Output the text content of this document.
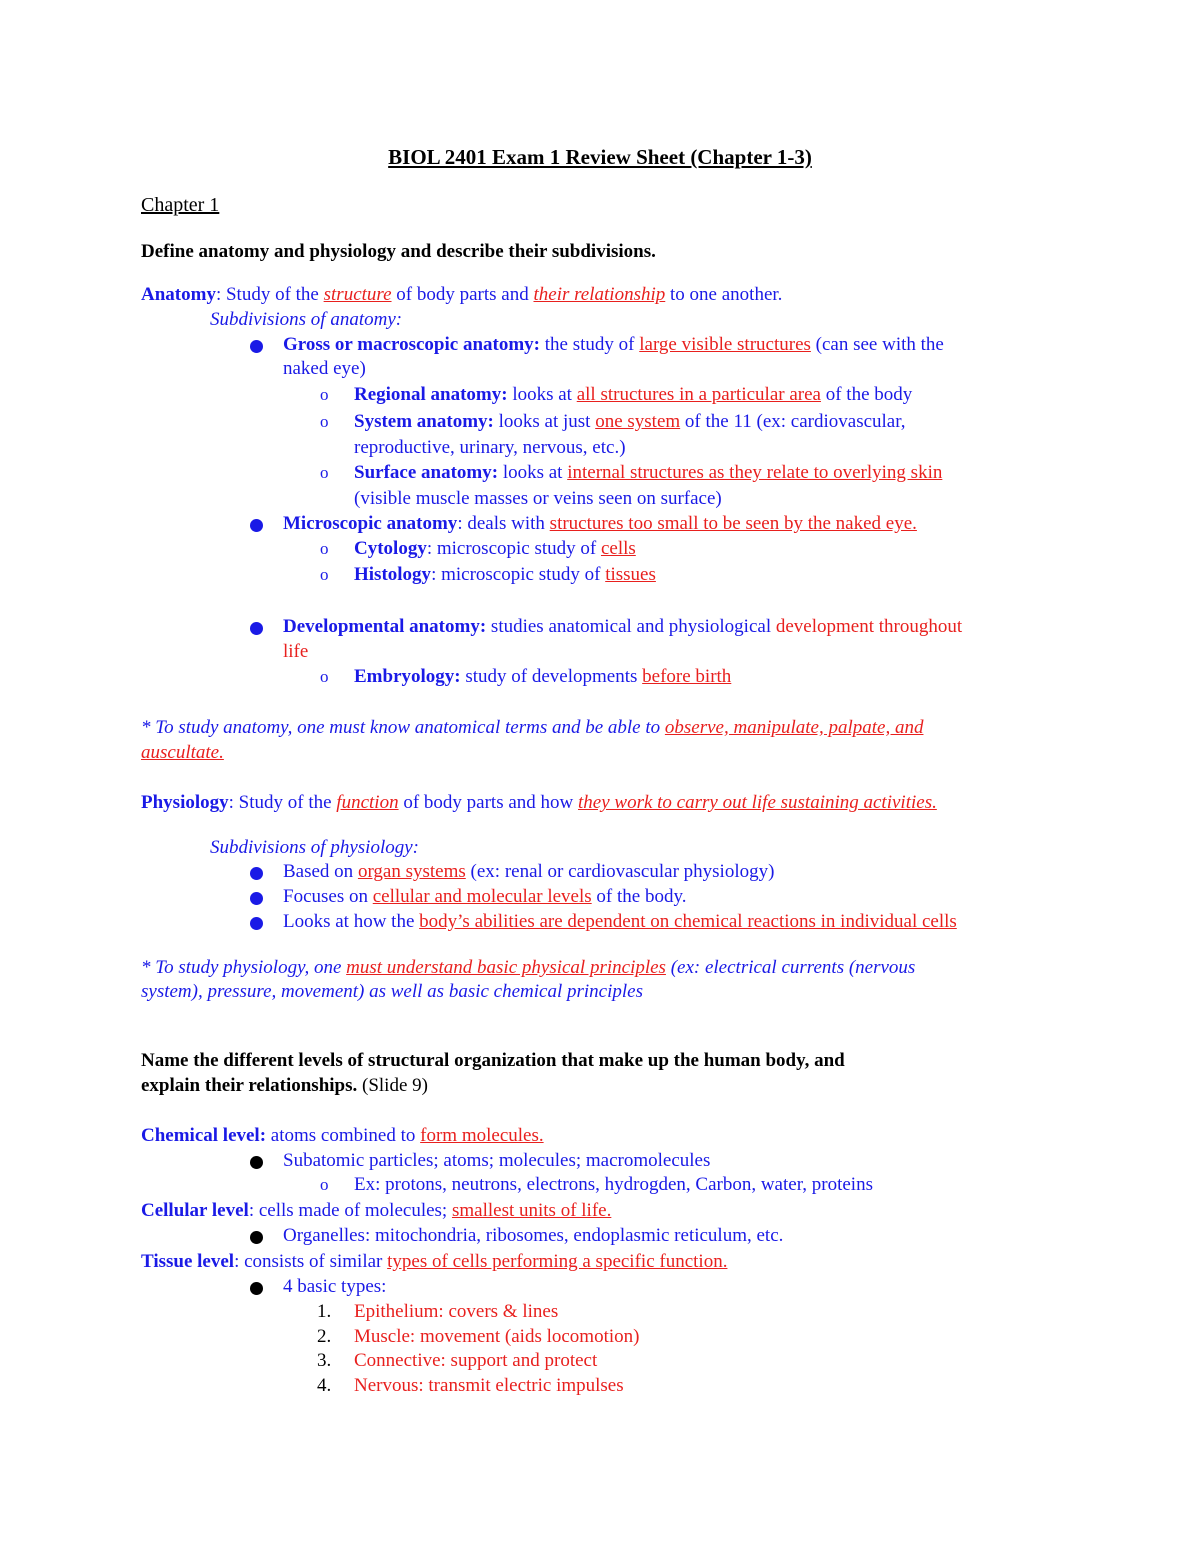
BIOL 2401 Exam 1 Review Sheet (Chapter 1-3)
Chapter 1
Define anatomy and physiology and describe their subdivisions.
Anatomy: Study of the structure of body parts and their relationship to one another.
Subdivisions of anatomy:
Gross or macroscopic anatomy: the study of large visible structures (can see with the
naked eye)
o Regional anatomy: looks at all structures in a particular area of the body
o System anatomy: looks at just one system of the 11 (ex: cardiovascular,
reproductive, urinary, nervous, etc.)
o Surface anatomy: looks at internal structures as they relate to overlying skin
(visible muscle masses or veins seen on surface)
Microscopic anatomy: deals with structures too small to be seen by the naked eye.
o Cytology: microscopic study of cells
o Histology: microscopic study of tissues
Developmental anatomy: studies anatomical and physiological development throughout
life
o Embryology: study of developments before birth
* To study anatomy, one must know anatomical terms and be able to observe, manipulate, palpate, and
auscultate.
Physiology: Study of the function of body parts and how they work to carry out life sustaining activities.
Subdivisions of physiology:
Based on organ systems (ex: renal or cardiovascular physiology)
Focuses on cellular and molecular levels of the body.
Looks at how the body’s abilities are dependent on chemical reactions in individual cells
* To study physiology, one must understand basic physical principles (ex: electrical currents (nervous
system), pressure, movement) as well as basic chemical principles
Name the different levels of structural organization that make up the human body, and
explain their relationships. (Slide 9)
Chemical level: atoms combined to form molecules.
Subatomic particles; atoms; molecules; macromolecules
o Ex: protons, neutrons, electrons, hydrogden, Carbon, water, proteins
Cellular level: cells made of molecules; smallest units of life.
Organelles: mitochondria, ribosomes, endoplasmic reticulum, etc.
Tissue level: consists of similar types of cells performing a specific function.
4 basic types:
1. Epithelium: covers & lines
2. Muscle: movement (aids locomotion)
3. Connective: support and protect
4. Nervous: transmit electric impulses
